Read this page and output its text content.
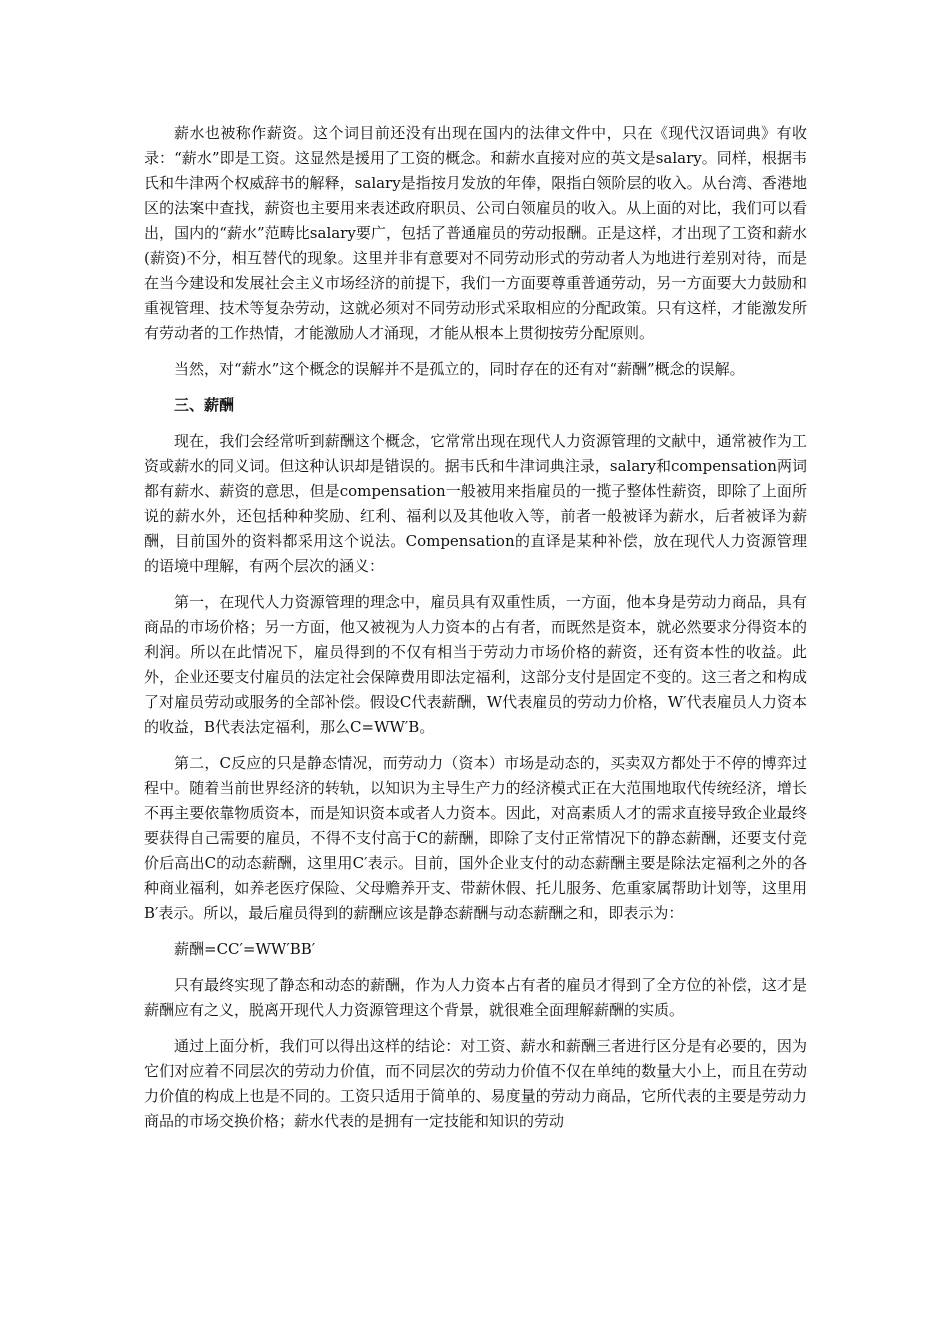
薪水也被称作薪资。这个词目前还没有出现在国内的法律文件中，只在《现代汉语词典》有收录：“薪水”即是工资。这显然是援用了工资的概念。和薪水直接对应的英文是salary。同样，根据韦氏和牛津两个权威辞书的解释，salary是指按月发放的年俸，限指白领阶层的收入。从台湾、香港地区的法案中查找，薪资也主要用来表述政府职员、公司白领雇员的收入。从上面的对比，我们可以看出，国内的“薪水”范畴比salary要广，包括了普通雇员的劳动报酬。正是这样，才出现了工资和薪水(薪资)不分，相互替代的现象。这里并非有意要对不同劳动形式的劳动者人为地进行差别对待，而是在当今建设和发展社会主义市场经济的前提下，我们一方面要尊重普通劳动，另一方面要大力鼓励和重视管理、技术等复杂劳动，这就必须对不同劳动形式采取相应的分配政策。只有这样，才能激发所有劳动者的工作热情，才能激励人才涌现，才能从根本上贯彻按劳分配原则。

当然，对“薪水”这个概念的误解并不是孤立的，同时存在的还有对“薪酬”概念的误解。

三、薪酬

现在，我们会经常听到薪酬这个概念，它常常出现在现代人力资源管理的文献中，通常被作为工资或薪水的同义词。但这种认识却是错误的。据韦氏和牛津词典注录，salary和compensation两词都有薪水、薪资的意思，但是compensation一般被用来指雇员的一揽子整体性薪资，即除了上面所说的薪水外，还包括种种奖励、红利、福利以及其他收入等，前者一般被译为薪水，后者被译为薪酬，目前国外的资料都采用这个说法。Compensation的直译是某种补偿，放在现代人力资源管理的语境中理解，有两个层次的涵义：

第一，在现代人力资源管理的理念中，雇员具有双重性质，一方面，他本身是劳动力商品，具有商品的市场价格；另一方面，他又被视为人力资本的占有者，而既然是资本，就必然要求分得资本的利润。所以在此情况下，雇员得到的不仅有相当于劳动力市场价格的薪资，还有资本性的收益。此外，企业还要支付雇员的法定社会保障费用即法定福利，这部分支付是固定不变的。这三者之和构成了对雇员劳动或服务的全部补偿。假设C代表薪酬，W代表雇员的劳动力价格，W′代表雇员人力资本的收益，B代表法定福利，那么C=WW′B。

第二，C反应的只是静态情况，而劳动力（资本）市场是动态的，买卖双方都处于不停的博弈过程中。随着当前世界经济的转轨，以知识为主导生产力的经济模式正在大范围地取代传统经济，增长不再主要依靠物质资本，而是知识资本或者人力资本。因此，对高素质人才的需求直接导致企业最终要获得自己需要的雇员，不得不支付高于C的薪酬，即除了支付正常情况下的静态薪酬，还要支付竞价后高出C的动态薪酬，这里用C′表示。目前，国外企业支付的动态薪酬主要是除法定福利之外的各种商业福利，如养老医疗保险、父母赡养开支、带薪休假、托儿服务、危重家属帮助计划等，这里用B′表示。所以，最后雇员得到的薪酬应该是静态薪酬与动态薪酬之和，即表示为：

薪酬=CC′=WW′BB′

只有最终实现了静态和动态的薪酬，作为人力资本占有者的雇员才得到了全方位的补偿，这才是薪酬应有之义，脱离开现代人力资源管理这个背景，就很难全面理解薪酬的实质。

通过上面分析，我们可以得出这样的结论：对工资、薪水和薪酬三者进行区分是有必要的，因为它们对应着不同层次的劳动力价值，而不同层次的劳动力价值不仅在单纯的数量大小上，而且在劳动力价值的构成上也是不同的。工资只适用于简单的、易度量的劳动力商品，它所代表的主要是劳动力商品的市场交换价格；薪水代表的是拥有一定技能和知识的劳动
